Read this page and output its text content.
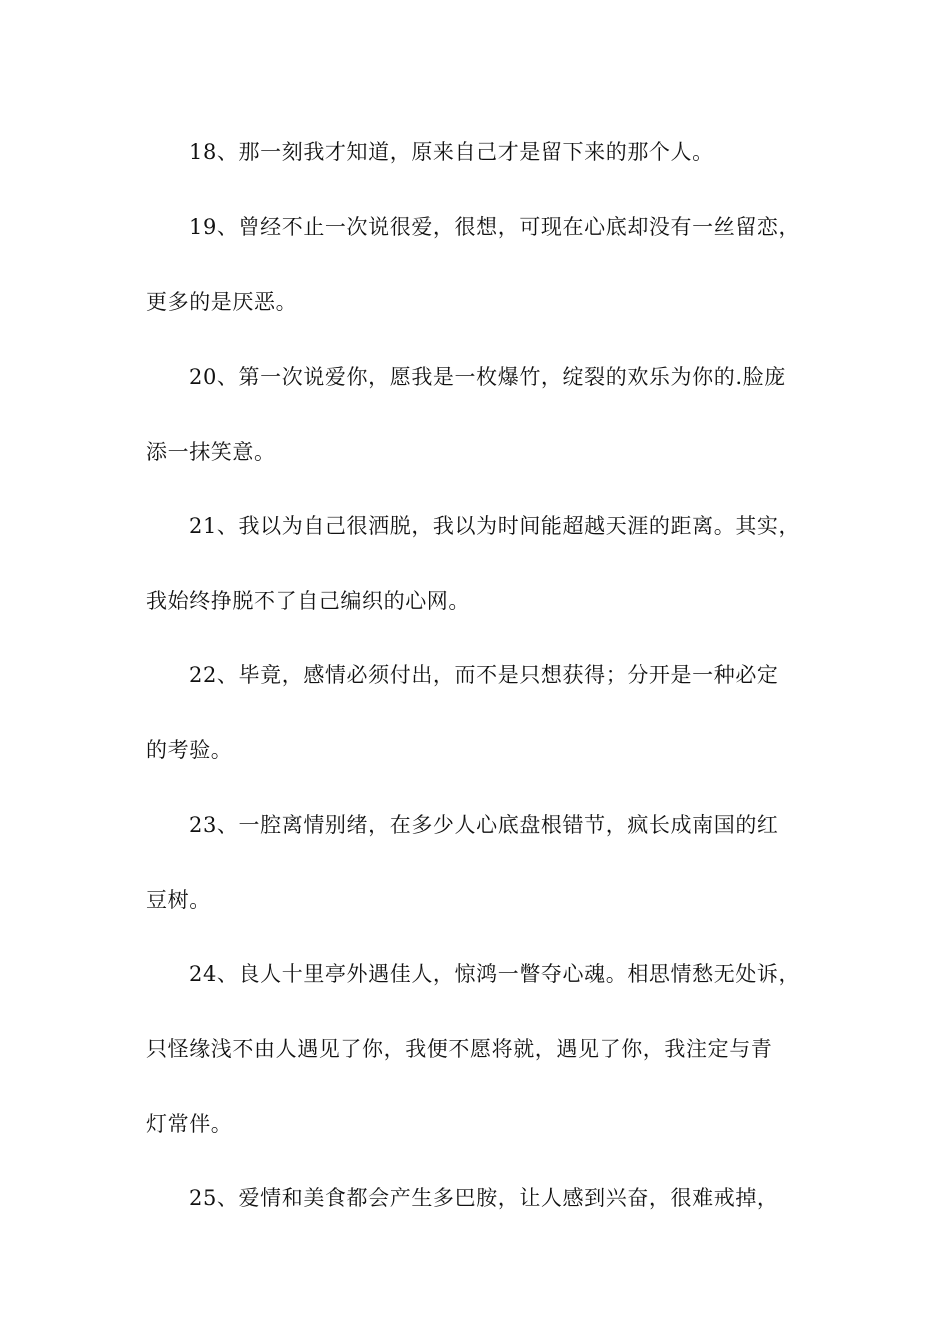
18、那一刻我才知道，原来自己才是留下来的那个人。
19、曾经不止一次说很爱，很想，可现在心底却没有一丝留恋，
更多的是厌恶。
20、第一次说爱你，愿我是一枚爆竹，绽裂的欢乐为你的.脸庞
添一抹笑意。
21、我以为自己很洒脱，我以为时间能超越天涯的距离。其实，
我始终挣脱不了自己编织的心网。
22、毕竟，感情必须付出，而不是只想获得；分开是一种必定
的考验。
23、一腔离情别绪，在多少人心底盘根错节，疯长成南国的红
豆树。
24、良人十里亭外遇佳人，惊鸿一瞥夺心魂。相思情愁无处诉，
只怪缘浅不由人遇见了你，我便不愿将就，遇见了你，我注定与青
灯常伴。
25、爱情和美食都会产生多巴胺，让人感到兴奋，很难戒掉，
